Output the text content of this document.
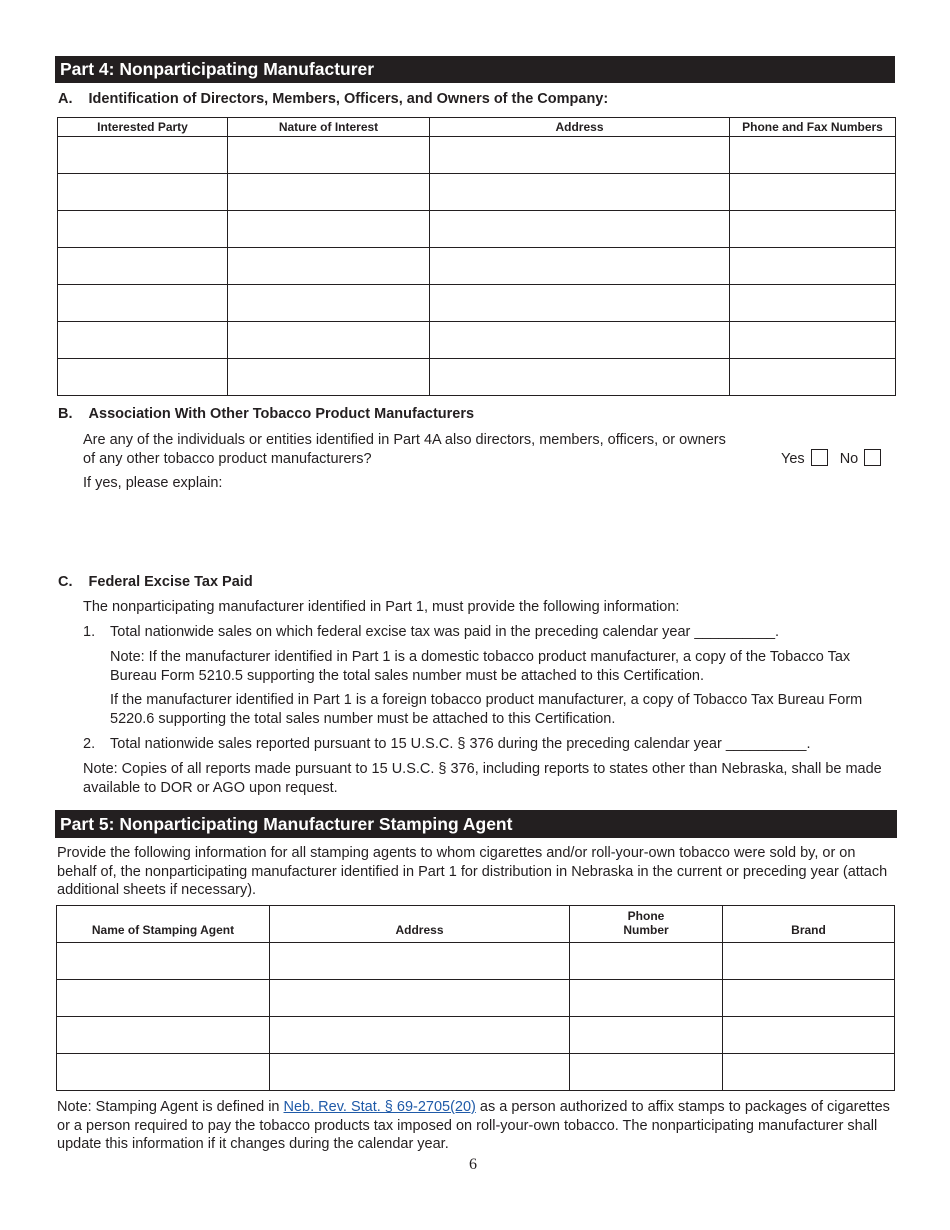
Part 4: Nonparticipating Manufacturer
A. Identification of Directors, Members, Officers, and Owners of the Company:
Interested Party	Nature of Interest	Address	Phone and Fax Numbers

B. Association With Other Tobacco Product Manufacturers
Are any of the individuals or entities identified in Part 4A also directors, members, officers, or owners
of any other tobacco product manufacturers?	Yes No
If yes, please explain:
C. Federal Excise Tax Paid
The nonparticipating manufacturer identified in Part 1, must provide the following information:
1. Total nationwide sales on which federal excise tax was paid in the preceding calendar year __________.
Note: If the manufacturer identified in Part 1 is a domestic tobacco product manufacturer, a copy of the Tobacco Tax Bureau Form 5210.5 supporting the total sales number must be attached to this Certification.
If the manufacturer identified in Part 1 is a foreign tobacco product manufacturer, a copy of Tobacco Tax Bureau Form 5220.6 supporting the total sales number must be attached to this Certification.
2. Total nationwide sales reported pursuant to 15 U.S.C. § 376 during the preceding calendar year __________.
Note: Copies of all reports made pursuant to 15 U.S.C. § 376, including reports to states other than Nebraska, shall be made available to DOR or AGO upon request.
Part 5: Nonparticipating Manufacturer Stamping Agent
Provide the following information for all stamping agents to whom cigarettes and/or roll-your-own tobacco were sold by, or on behalf of, the nonparticipating manufacturer identified in Part 1 for distribution in Nebraska in the current or preceding year (attach additional sheets if necessary).
Name of Stamping Agent	Address	Phone Number	Brand

Note: Stamping Agent is defined in Neb. Rev. Stat. § 69-2705(20) as a person authorized to affix stamps to packages of cigarettes or a person required to pay the tobacco products tax imposed on roll-your-own tobacco. The nonparticipating manufacturer shall update this information if it changes during the calendar year.
6
